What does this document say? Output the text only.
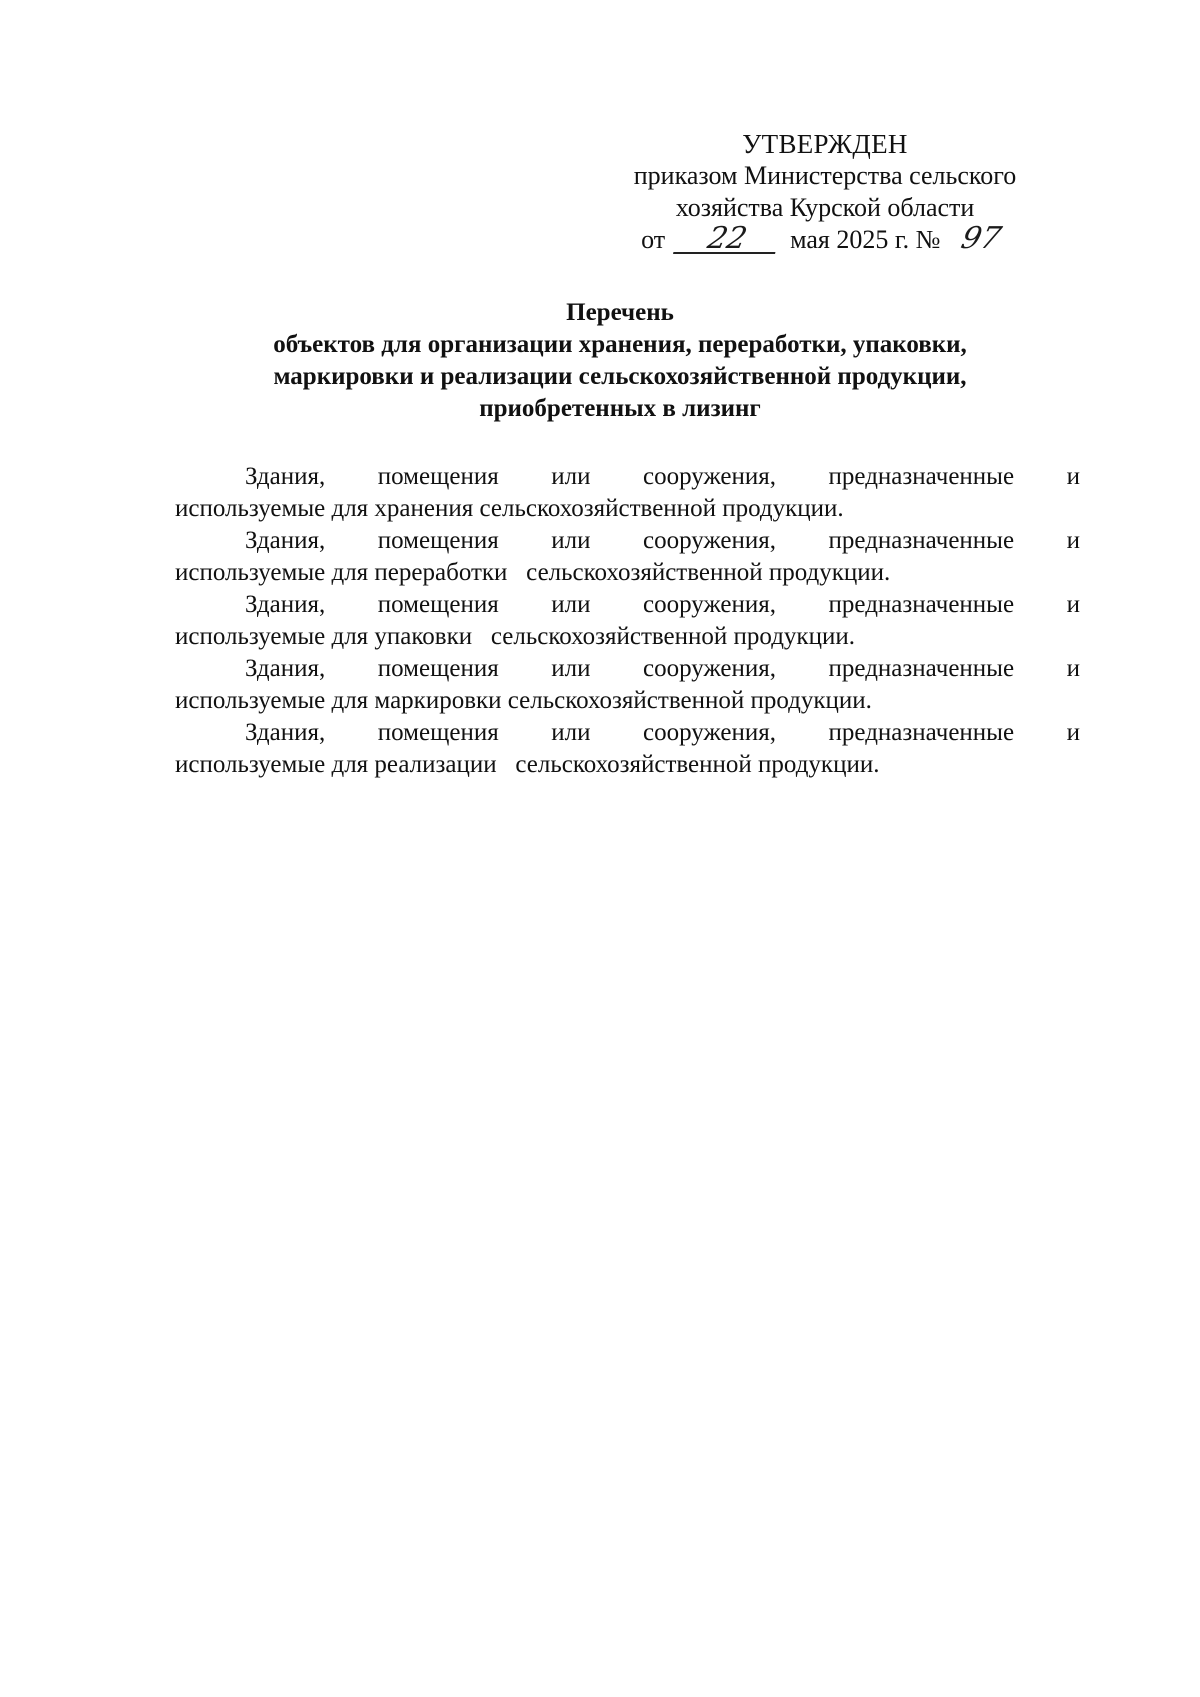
УТВЕРЖДЕН
приказом Министерства сельского
хозяйства Курской области
от 22 мая 2025 г. № 97
Перечень
объектов для организации хранения, переработки, упаковки,
маркировки и реализации сельскохозяйственной продукции,
приобретенных в лизинг
Здания, помещения или сооружения, предназначенные и
используемые для хранения сельскохозяйственной продукции.
Здания, помещения или сооружения, предназначенные и
используемые для переработки   сельскохозяйственной продукции.
Здания, помещения или сооружения, предназначенные и
используемые для упаковки   сельскохозяйственной продукции.
Здания, помещения или сооружения, предназначенные и
используемые для маркировки сельскохозяйственной продукции.
Здания, помещения или сооружения, предназначенные и
используемые для реализации   сельскохозяйственной продукции.
